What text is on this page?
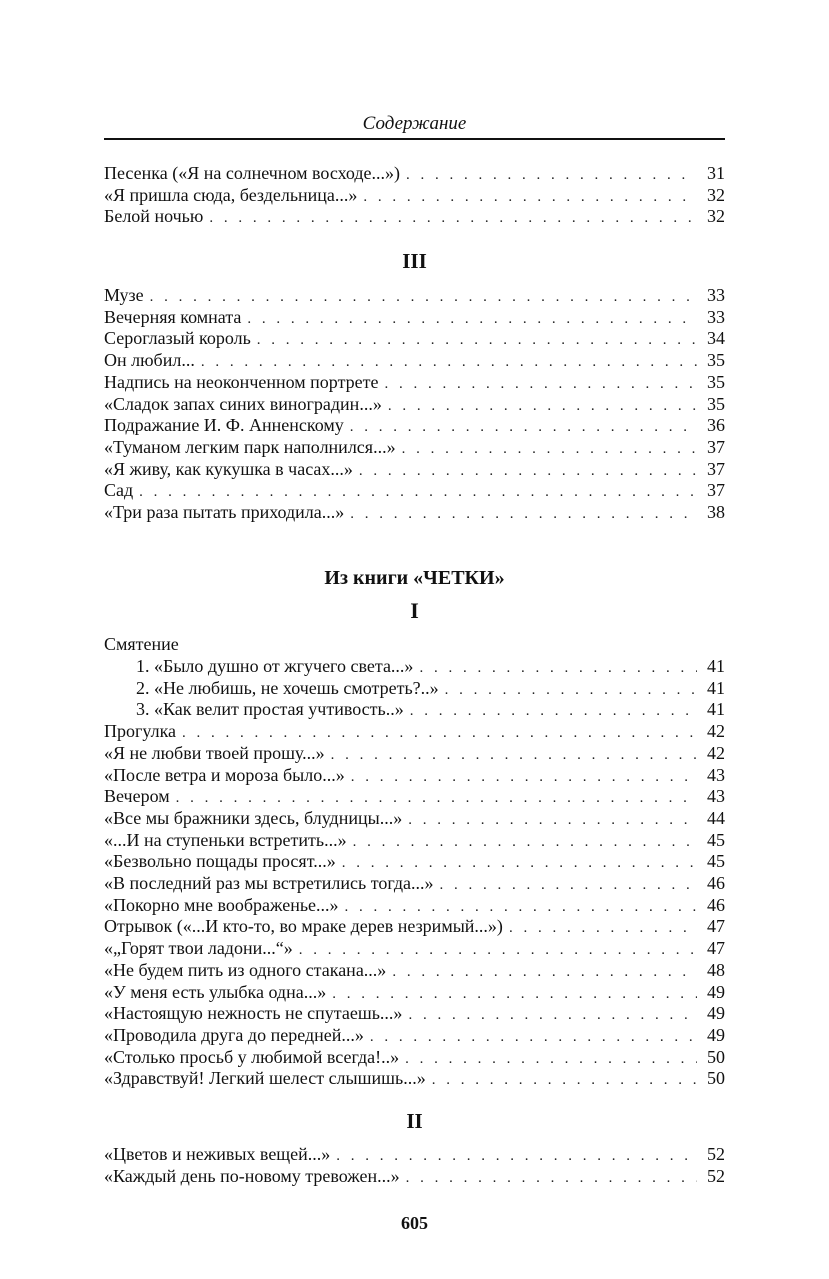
Содержание
Песенка («Я на солнечном восходе...») . . .	31
«Я пришла сюда, бездельница...» . . .	32
Белой ночью . . .	32
III
Музе . . .	33
Вечерняя комната . . .	33
Сероглазый король . . .	34
Он любил... . . .	35
Надпись на неоконченном портрете . . .	35
«Сладок запах синих виноградин...» . . .	35
Подражание И. Ф. Анненскому . . .	36
«Туманом легким парк наполнился...» . . .	37
«Я живу, как кукушка в часах...» . . .	37
Сад . . .	37
«Три раза пытать приходила...» . . .	38
Из книги «ЧЕТКИ»
I
Смятение
1. «Было душно от жгучего света...» . . .	41
2. «Не любишь, не хочешь смотреть?..» . . .	41
3. «Как велит простая учтивость..» . . .	41
Прогулка . . .	42
«Я не любви твоей прошу...» . . .	42
«После ветра и мороза было...» . . .	43
Вечером . . .	43
«Все мы бражники здесь, блудницы...» . . .	44
«...И на ступеньки встретить...» . . .	45
«Безвольно пощады просят...» . . .	45
«В последний раз мы встретились тогда...» . . .	46
«Покорно мне воображенье...» . . .	46
Отрывок («...И кто-то, во мраке дерев незримый...») . . .	47
«„Горят твои ладони...“» . . .	47
«Не будем пить из одного стакана...» . . .	48
«У меня есть улыбка одна...» . . .	49
«Настоящую нежность не спутаешь...» . . .	49
«Проводила друга до передней...» . . .	49
«Столько просьб у любимой всегда!..» . . .	50
«Здравствуй! Легкий шелест слышишь...» . . .	50
II
«Цветов и неживых вещей...» . . .	52
«Каждый день по-новому тревожен...» . . .	52
605
